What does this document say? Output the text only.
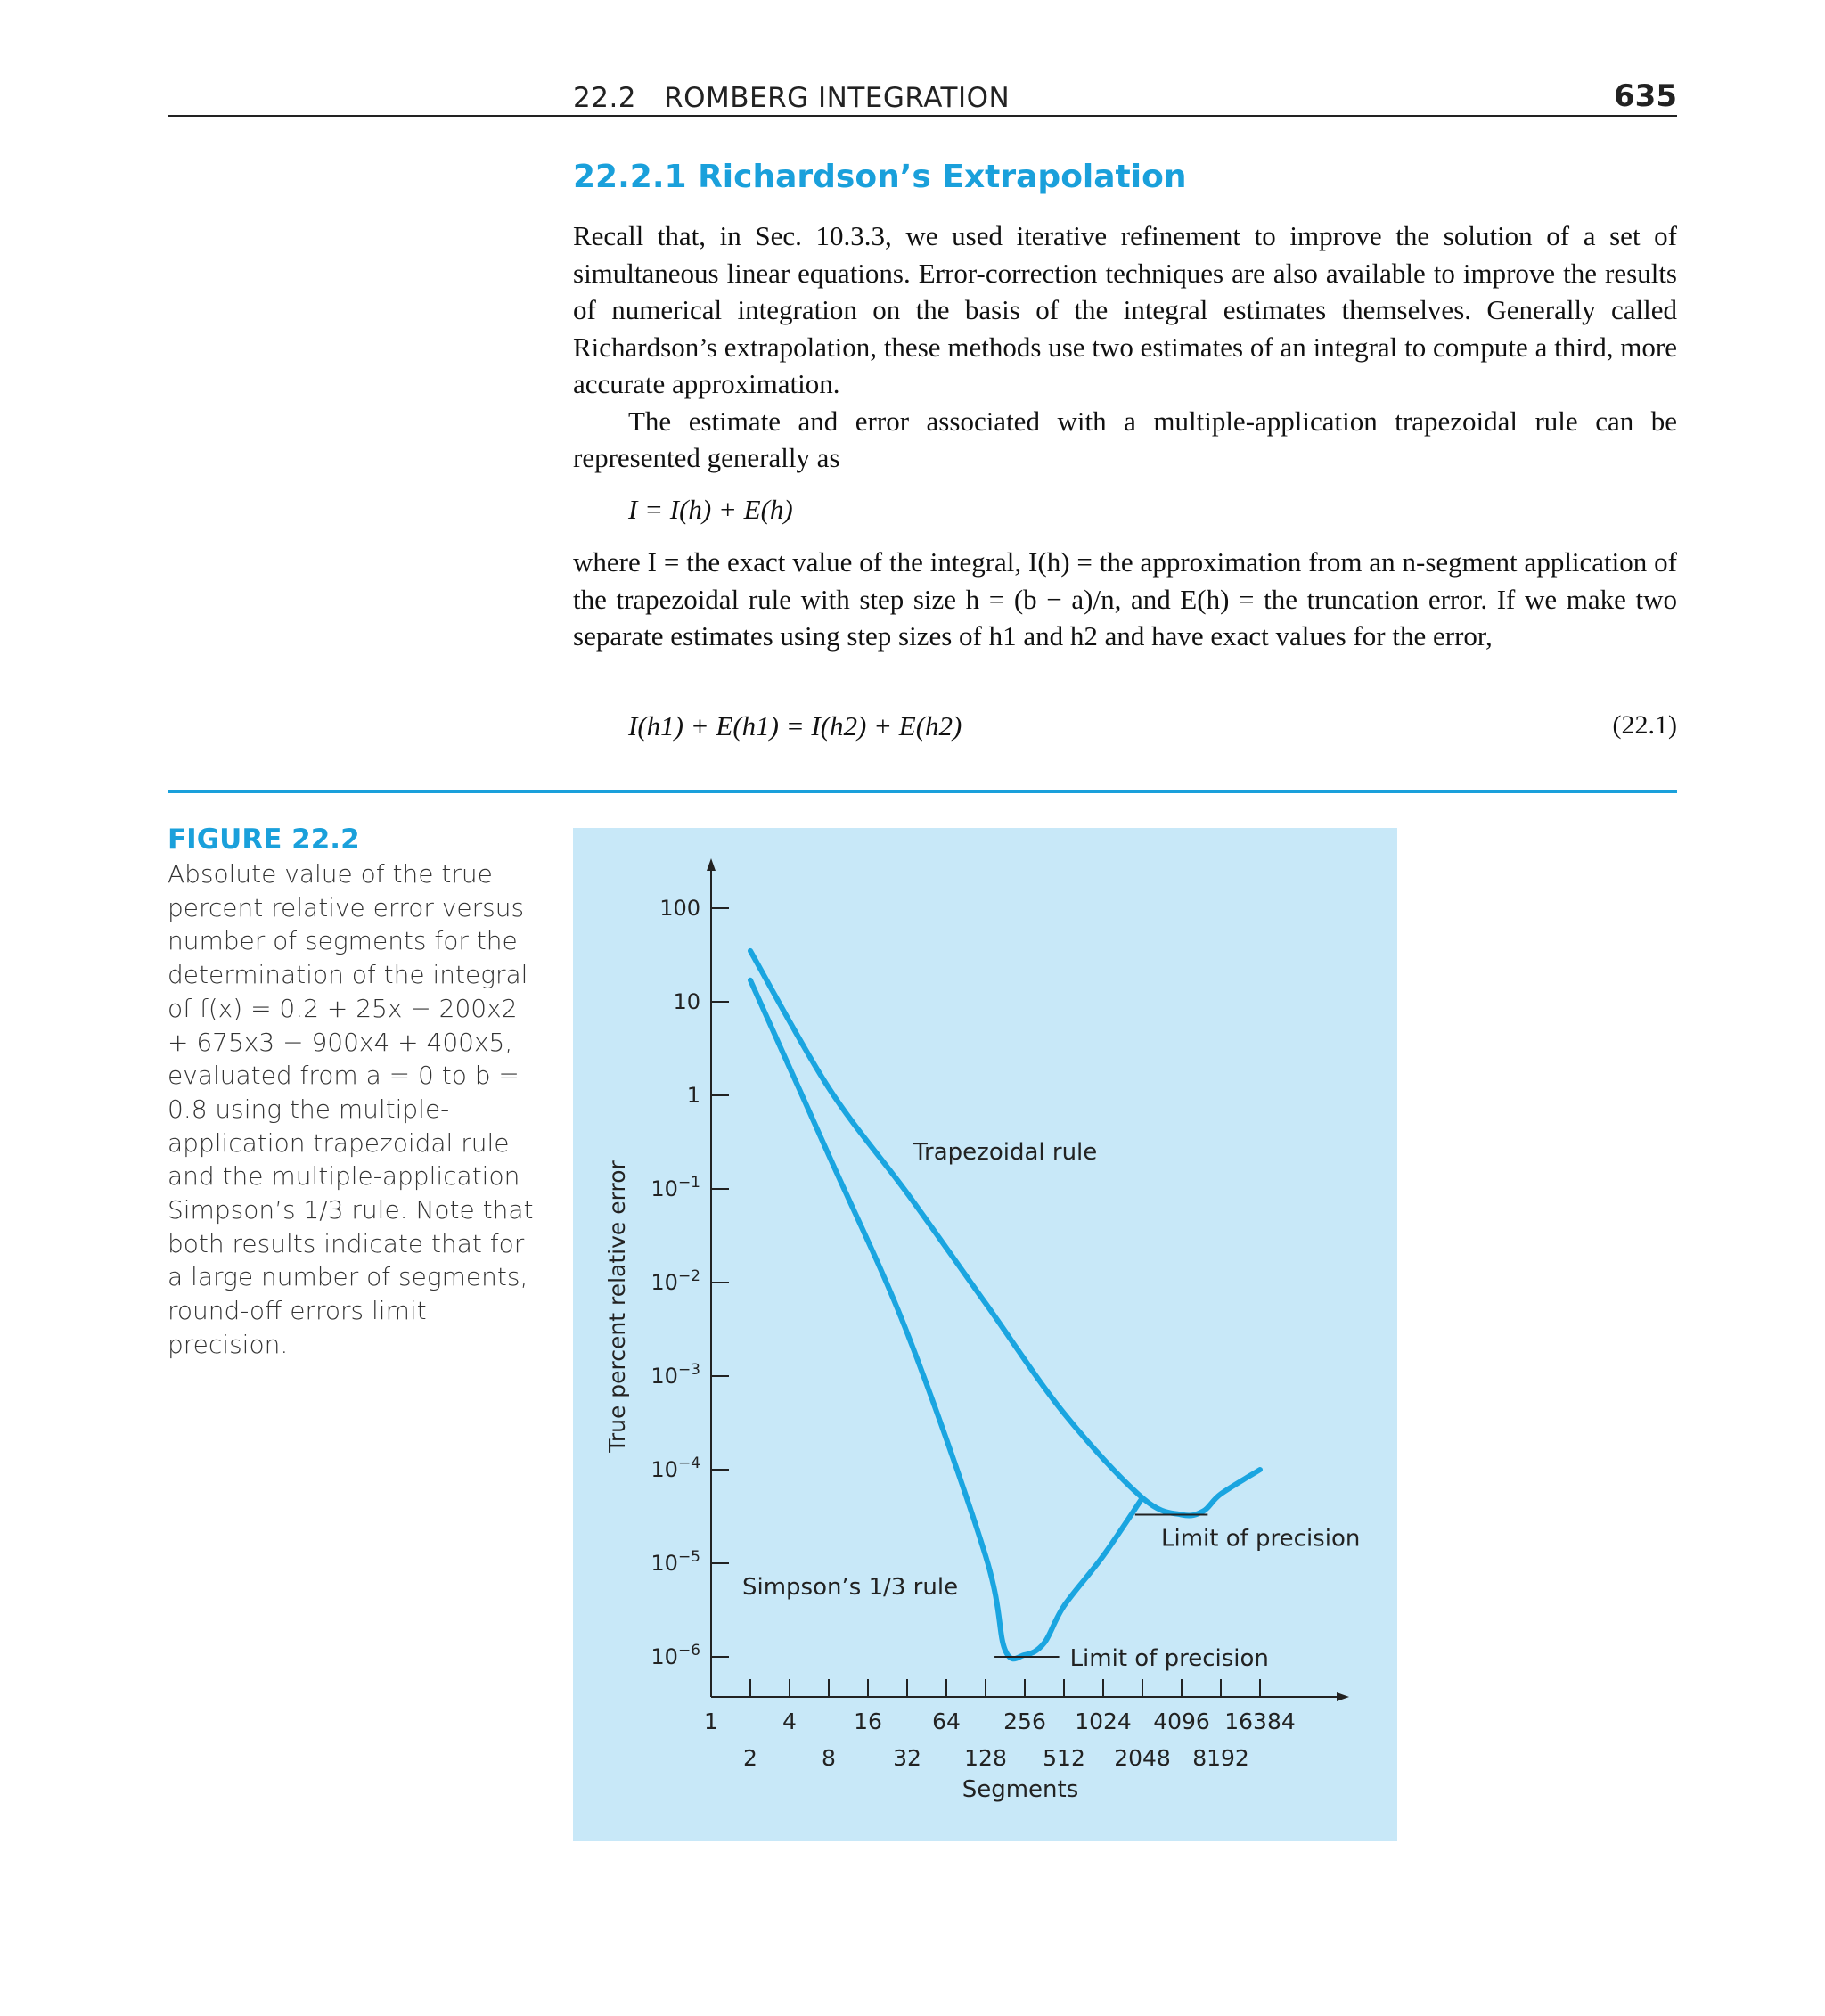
22.2   ROMBERG INTEGRATION	635
22.2.1 Richardson’s Extrapolation

Recall that, in Sec. 10.3.3, we used iterative refinement to improve the solution of a set of simultaneous linear equations. Error-correction techniques are also available to improve the results of numerical integration on the basis of the integral estimates themselves. Generally called Richardson’s extrapolation, these methods use two estimates of an integral to compute a third, more accurate approximation.

The estimate and error associated with a multiple-application trapezoidal rule can be represented generally as

I = I(h) + E(h)

where I = the exact value of the integral, I(h) = the approximation from an n-segment application of the trapezoidal rule with step size h = (b − a)/n, and E(h) = the truncation error. If we make two separate estimates using step sizes of h1 and h2 and have exact values for the error,

I(h1) + E(h1) = I(h2) + E(h2)	(22.1)
FIGURE 22.2

Absolute value of the true percent relative error versus number of segments for the determination of the integral of f(x) = 0.2 + 25x − 200x2 + 675x3 − 900x4 + 400x5, evaluated from a = 0 to b = 0.8 using the multiple-application trapezoidal rule and the multiple-application Simpson’s 1/3 rule. Note that both results indicate that for a large number of segments, round-off errors limit precision.

100
10
1
$10^{-1}$
$10^{-2}$
$10^{-3}$
$10^{-4}$
$10^{-5}$
$10^{-6}$
1
2
4
8
16
32
64
128
256
512
1024
2048
4096
8192
16384
Trapezoidal rule
Simpson’s 1/3 rule
Limit of precision
Limit of precision
True percent relative error
Segments
